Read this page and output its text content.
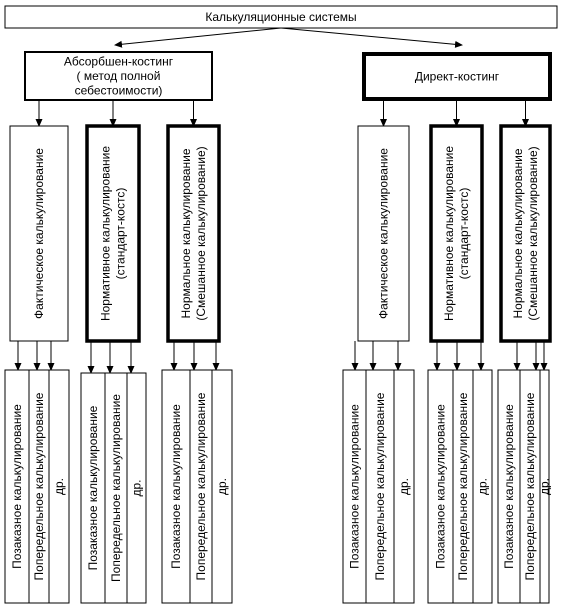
Калькуляционные системы
Абсорбшен-костинг
( метод полной
себестоимости)
Фактическое калькулирование
Позаказное калькулирование Попередельное калькулирование др.
Нормативное калькулирование (стандарт-костс)
Позаказное калькулирование Попередельное калькулирование др.
Нормальное калькулирование (Смешанное калькулирование)
Позаказное калькулирование Попередельное калькулирование др.
Директ-костинг
Фактическое калькулирование
Позаказное калькулирование Попередельное калькулирование др.
Нормативное калькулирование (стандарт-костс)
Позаказное калькулирование Попередельное калькулирование др.
Нормальное калькулирование (Смешанное калькулирование)
Позаказное калькулирование Попередельное калькулирование др.
